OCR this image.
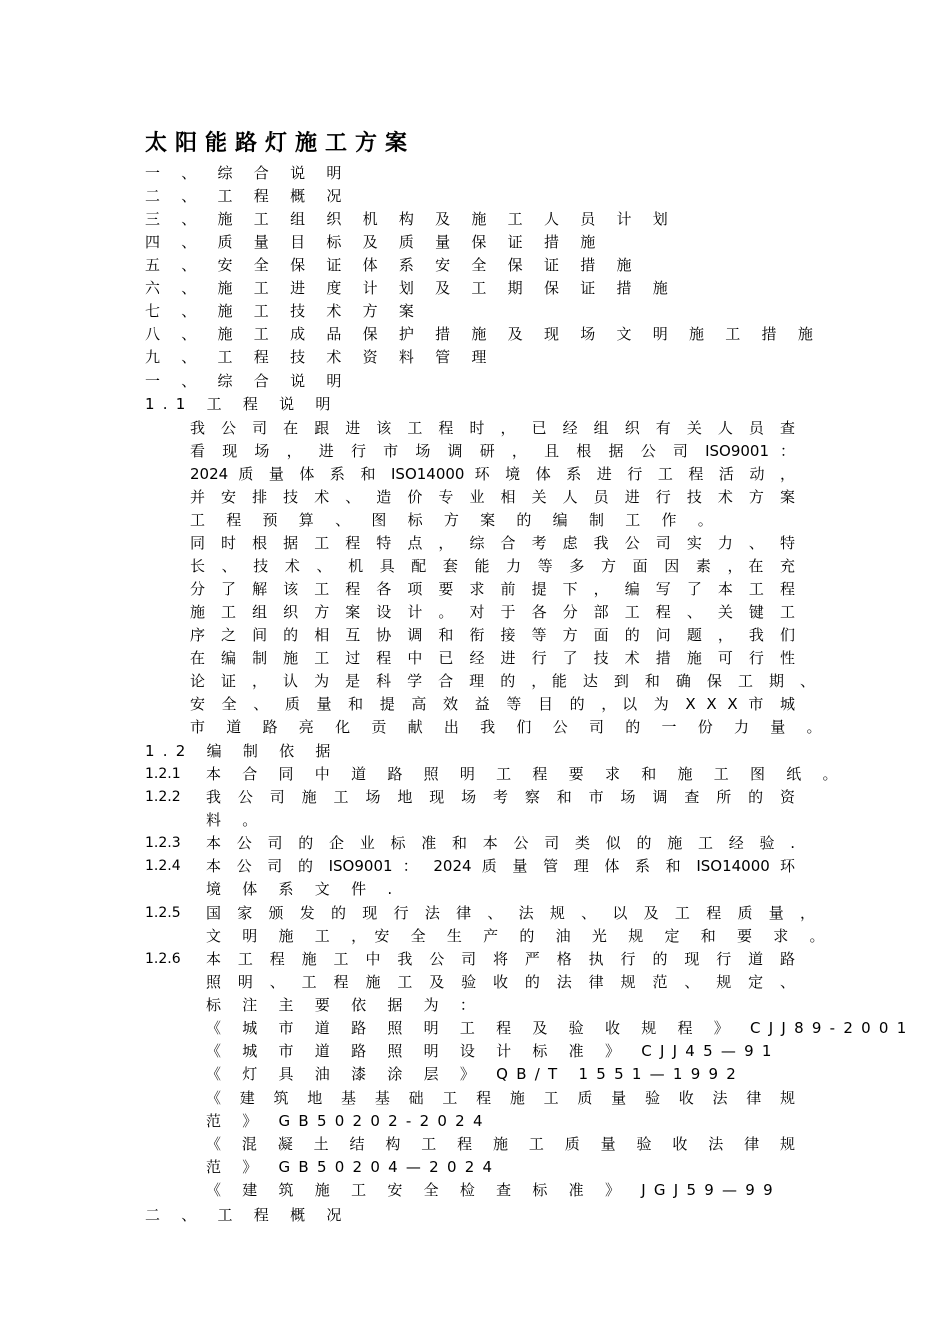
太阳能路灯施工方案
一 、 综 合 说 明
二 、 工 程 概 况
三 、 施 工 组 织 机 构 及 施 工 人 员 计 划
四 、 质 量 目 标 及 质 量 保 证 措 施
五 、 安 全 保 证 体 系 安 全 保 证 措 施
六 、 施 工 进 度 计 划 及 工 期 保 证 措 施
七 、 施 工 技 术 方 案
八 、 施 工 成 品 保 护 措 施 及 现 场 文 明 施 工 措 施
九 、 工 程 技 术 资 料 管 理
一 、 综 合 说 明
1.1 工 程 说 明
我 公 司 在 跟 进 该 工 程 时 ， 已 经 组 织 有 关 人 员 查
看 现 场 ， 进 行 市 场 调 研 ， 且 根 据 公 司 ISO9001 ：
2024 质 量 体 系 和 ISO14000 环 境 体 系 进 行 工 程 活 动 ，
并 安 排 技 术 、 造 价 专 业 相 关 人 员 进 行 技 术 方 案
工 程 预 算 、 图 标 方 案 的 编 制 工 作 。
同 时 根 据 工 程 特 点 ， 综 合 考 虑 我 公 司 实 力 、 特
长 、 技 术 、 机 具 配 套 能 力 等 多 方 面 因 素 ，在 充
分 了 解 该 工 程 各 项 要 求 前 提 下 ， 编 写 了 本 工 程
施 工 组 织 方 案 设 计 。 对 于 各 分 部 工 程 、 关 键 工
序 之 间 的 相 互 协 调 和 衔 接 等 方 面 的 问 题 ， 我 们
在 编 制 施 工 过 程 中 已 经 进 行 了 技 术 措 施 可 行 性
论 证 ， 认 为 是 科 学 合 理 的 ，能 达 到 和 确 保 工 期 、
安 全 、 质 量 和 提 高 效 益 等 目 的 ，以 为 X X X 市 城
市 道 路 亮 化 贡 献 出 我 们 公 司 的 一 份 力 量 。
1.2 编 制 依 据
1.2.1 本 合 同 中 道 路 照 明 工 程 要 求 和 施 工 图 纸 。
1.2.2 我 公 司 施 工 场 地 现 场 考 察 和 市 场 调 查 所 的 资
料 。
1.2.3 本 公 司 的 企 业 标 准 和 本 公 司 类 似 的 施 工 经 验 .
1.2.4 本 公 司 的 ISO9001 ： 2024 质 量 管 理 体 系 和 ISO14000 环
境 体 系 文 件 .
1.2.5 国 家 颁 发 的 现 行 法 律 、 法 规 、 以 及 工 程 质 量 ，
文 明 施 工 ，安 全 生 产 的 油 光 规 定 和 要 求 。
1.2.6 本 工 程 施 工 中 我 公 司 将 严 格 执 行 的 现 行 道 路
照 明 、 工 程 施 工 及 验 收 的 法 律 规 范 、 规 定 、
标 注 主 要 依 据 为 ：
《 城 市 道 路 照 明 工 程 及 验 收 规 程 》 CJJ89-2001
《 城 市 道 路 照 明 设 计 标 准 》 CJJ45—91
《 灯 具 油 漆 涂 层 》 QB/T 1551—1992
《 建 筑 地 基 基 础 工 程 施 工 质 量 验 收 法 律 规
范 》 GB50202-2024
《 混 凝 土 结 构 工 程 施 工 质 量 验 收 法 律 规
范 》 GB50204—2024
《 建 筑 施 工 安 全 检 查 标 准 》 JGJ59—99
二 、 工 程 概 况
